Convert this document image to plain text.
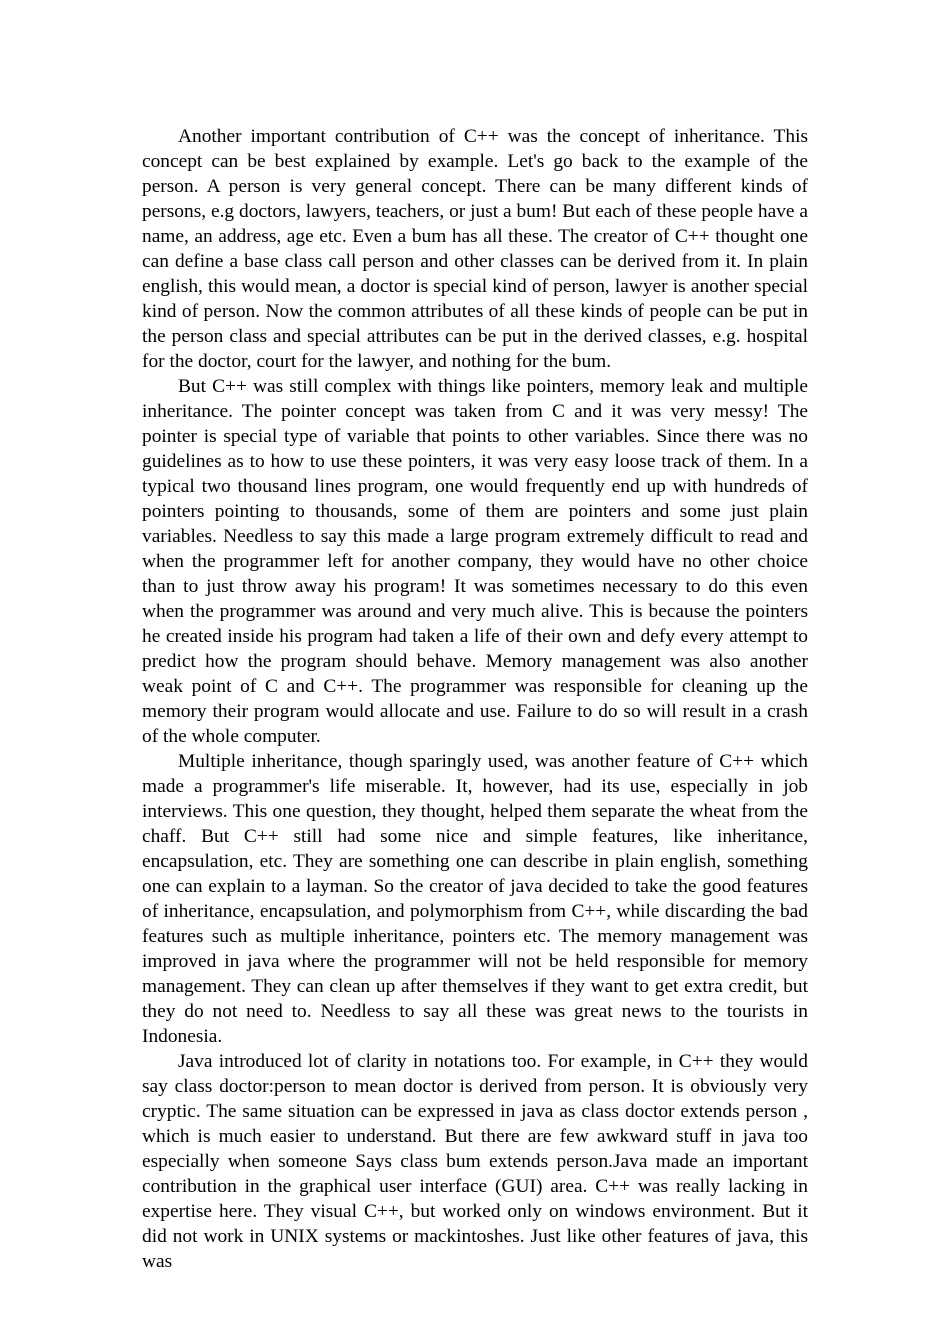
Another important contribution of C++ was the concept of inheritance. This concept can be best explained by example. Let's go back to the example of the person. A person is very general concept. There can be many different kinds of persons, e.g doctors, lawyers, teachers, or just a bum! But each of these people have a name, an address, age etc. Even a bum has all these. The creator of C++ thought one can define a base class call person and other classes can be derived from it. In plain english, this would mean, a doctor is special kind of person, lawyer is another special kind of person. Now the common attributes of all these kinds of people can be put in the person class and special attributes can be put in the derived classes, e.g. hospital for the doctor, court for the lawyer, and nothing for the bum.

But C++ was still complex with things like pointers, memory leak and multiple inheritance. The pointer concept was taken from C and it was very messy! The pointer is special type of variable that points to other variables. Since there was no guidelines as to how to use these pointers, it was very easy loose track of them. In a typical two thousand lines program, one would frequently end up with hundreds of pointers pointing to thousands, some of them are pointers and some just plain variables. Needless to say this made a large program extremely difficult to read and when the programmer left for another company, they would have no other choice than to just throw away his program! It was sometimes necessary to do this even when the programmer was around and very much alive. This is because the pointers he created inside his program had taken a life of their own and defy every attempt to predict how the program should behave. Memory management was also another weak point of C and C++. The programmer was responsible for cleaning up the memory their program would allocate and use. Failure to do so will result in a crash of the whole computer.

Multiple inheritance, though sparingly used, was another feature of C++ which made a programmer's life miserable. It, however, had its use, especially in job interviews. This one question, they thought, helped them separate the wheat from the chaff. But C++ still had some nice and simple features, like inheritance, encapsulation, etc. They are something one can describe in plain english, something one can explain to a layman. So the creator of java decided to take the good features of inheritance, encapsulation, and polymorphism from C++, while discarding the bad features such as multiple inheritance, pointers etc. The memory management was improved in java where the programmer will not be held responsible for memory management. They can clean up after themselves if they want to get extra credit, but they do not need to. Needless to say all these was great news to the tourists in Indonesia.

Java introduced lot of clarity in notations too. For example, in C++ they would say class doctor:person to mean doctor is derived from person. It is obviously very cryptic. The same situation can be expressed in java as class doctor extends person , which is much easier to understand. But there are few awkward stuff in java too especially when someone Says class bum extends person.Java made an important contribution in the graphical user interface (GUI) area. C++ was really lacking in expertise here. They visual C++, but worked only on windows environment. But it did not work in UNIX systems or mackintoshes. Just like other features of java, this was
